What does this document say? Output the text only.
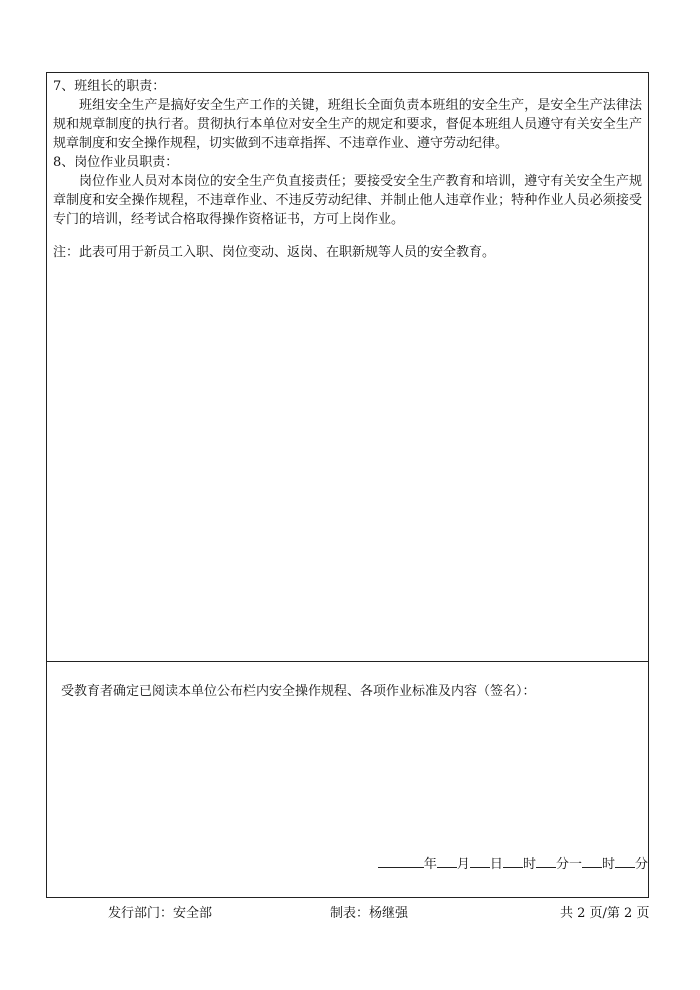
7、班组长的职责：

班组安全生产是搞好安全生产工作的关键，班组长全面负责本班组的安全生产，是安全生产法律法规和规章制度的执行者。贯彻执行本单位对安全生产的规定和要求，督促本班组人员遵守有关安全生产规章制度和安全操作规程，切实做到不违章指挥、不违章作业、遵守劳动纪律。

8、岗位作业员职责：

岗位作业人员对本岗位的安全生产负直接责任；要接受安全生产教育和培训，遵守有关安全生产规章制度和安全操作规程，不违章作业、不违反劳动纪律、并制止他人违章作业；特种作业人员必须接受专门的培训，经考试合格取得操作资格证书，方可上岗作业。

注：此表可用于新员工入职、岗位变动、返岗、在职新规等人员的安全教育。

受教育者确定已阅读本单位公布栏内安全操作规程、各项作业标准及内容（签名）：
年 月 日 时 分一 时 分
发行部门：安全部	制表：杨继强	共 2 页/第 2 页
